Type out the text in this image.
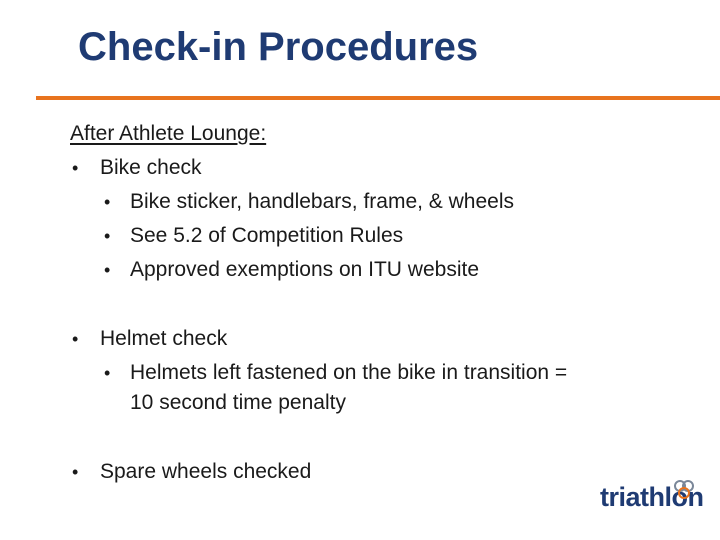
Check-in Procedures
After Athlete Lounge:
• Bike check
• Bike sticker, handlebars, frame, & wheels
• See 5.2 of Competition Rules
• Approved exemptions on ITU website
• Helmet check
• Helmets left fastened on the bike in transition =
10 second time penalty
• Spare wheels checked
triathlon
